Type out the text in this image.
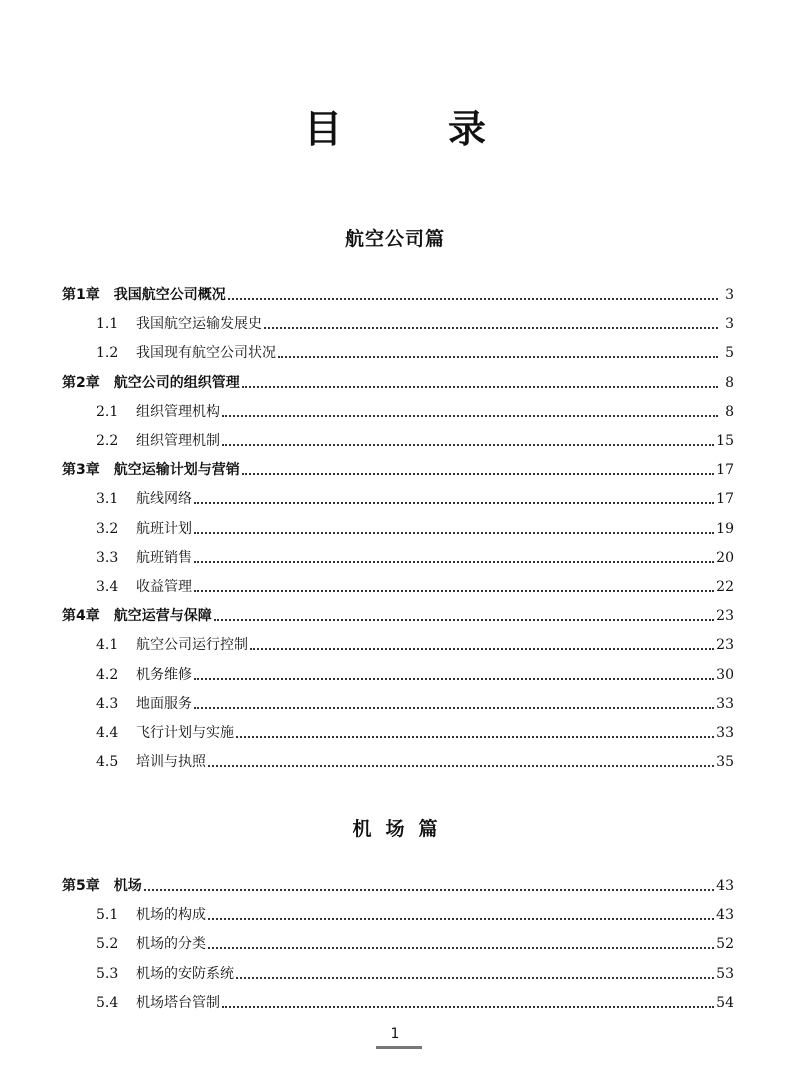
目　录
航空公司篇
第1章 我国航空公司概况	3
1.1	我国航空运输发展史	3
1.2	我国现有航空公司状况	5
第2章 航空公司的组织管理	8
2.1	组织管理机构	8
2.2	组织管理机制	15
第3章 航空运输计划与营销	17
3.1	航线网络	17
3.2	航班计划	19
3.3	航班销售	20
3.4	收益管理	22
第4章 航空运营与保障	23
4.1	航空公司运行控制	23
4.2	机务维修	30
4.3	地面服务	33
4.4	飞行计划与实施	33
4.5	培训与执照	35
机场篇
第5章 机场	43
5.1	机场的构成	43
5.2	机场的分类	52
5.3	机场的安防系统	53
5.4	机场塔台管制	54
1
